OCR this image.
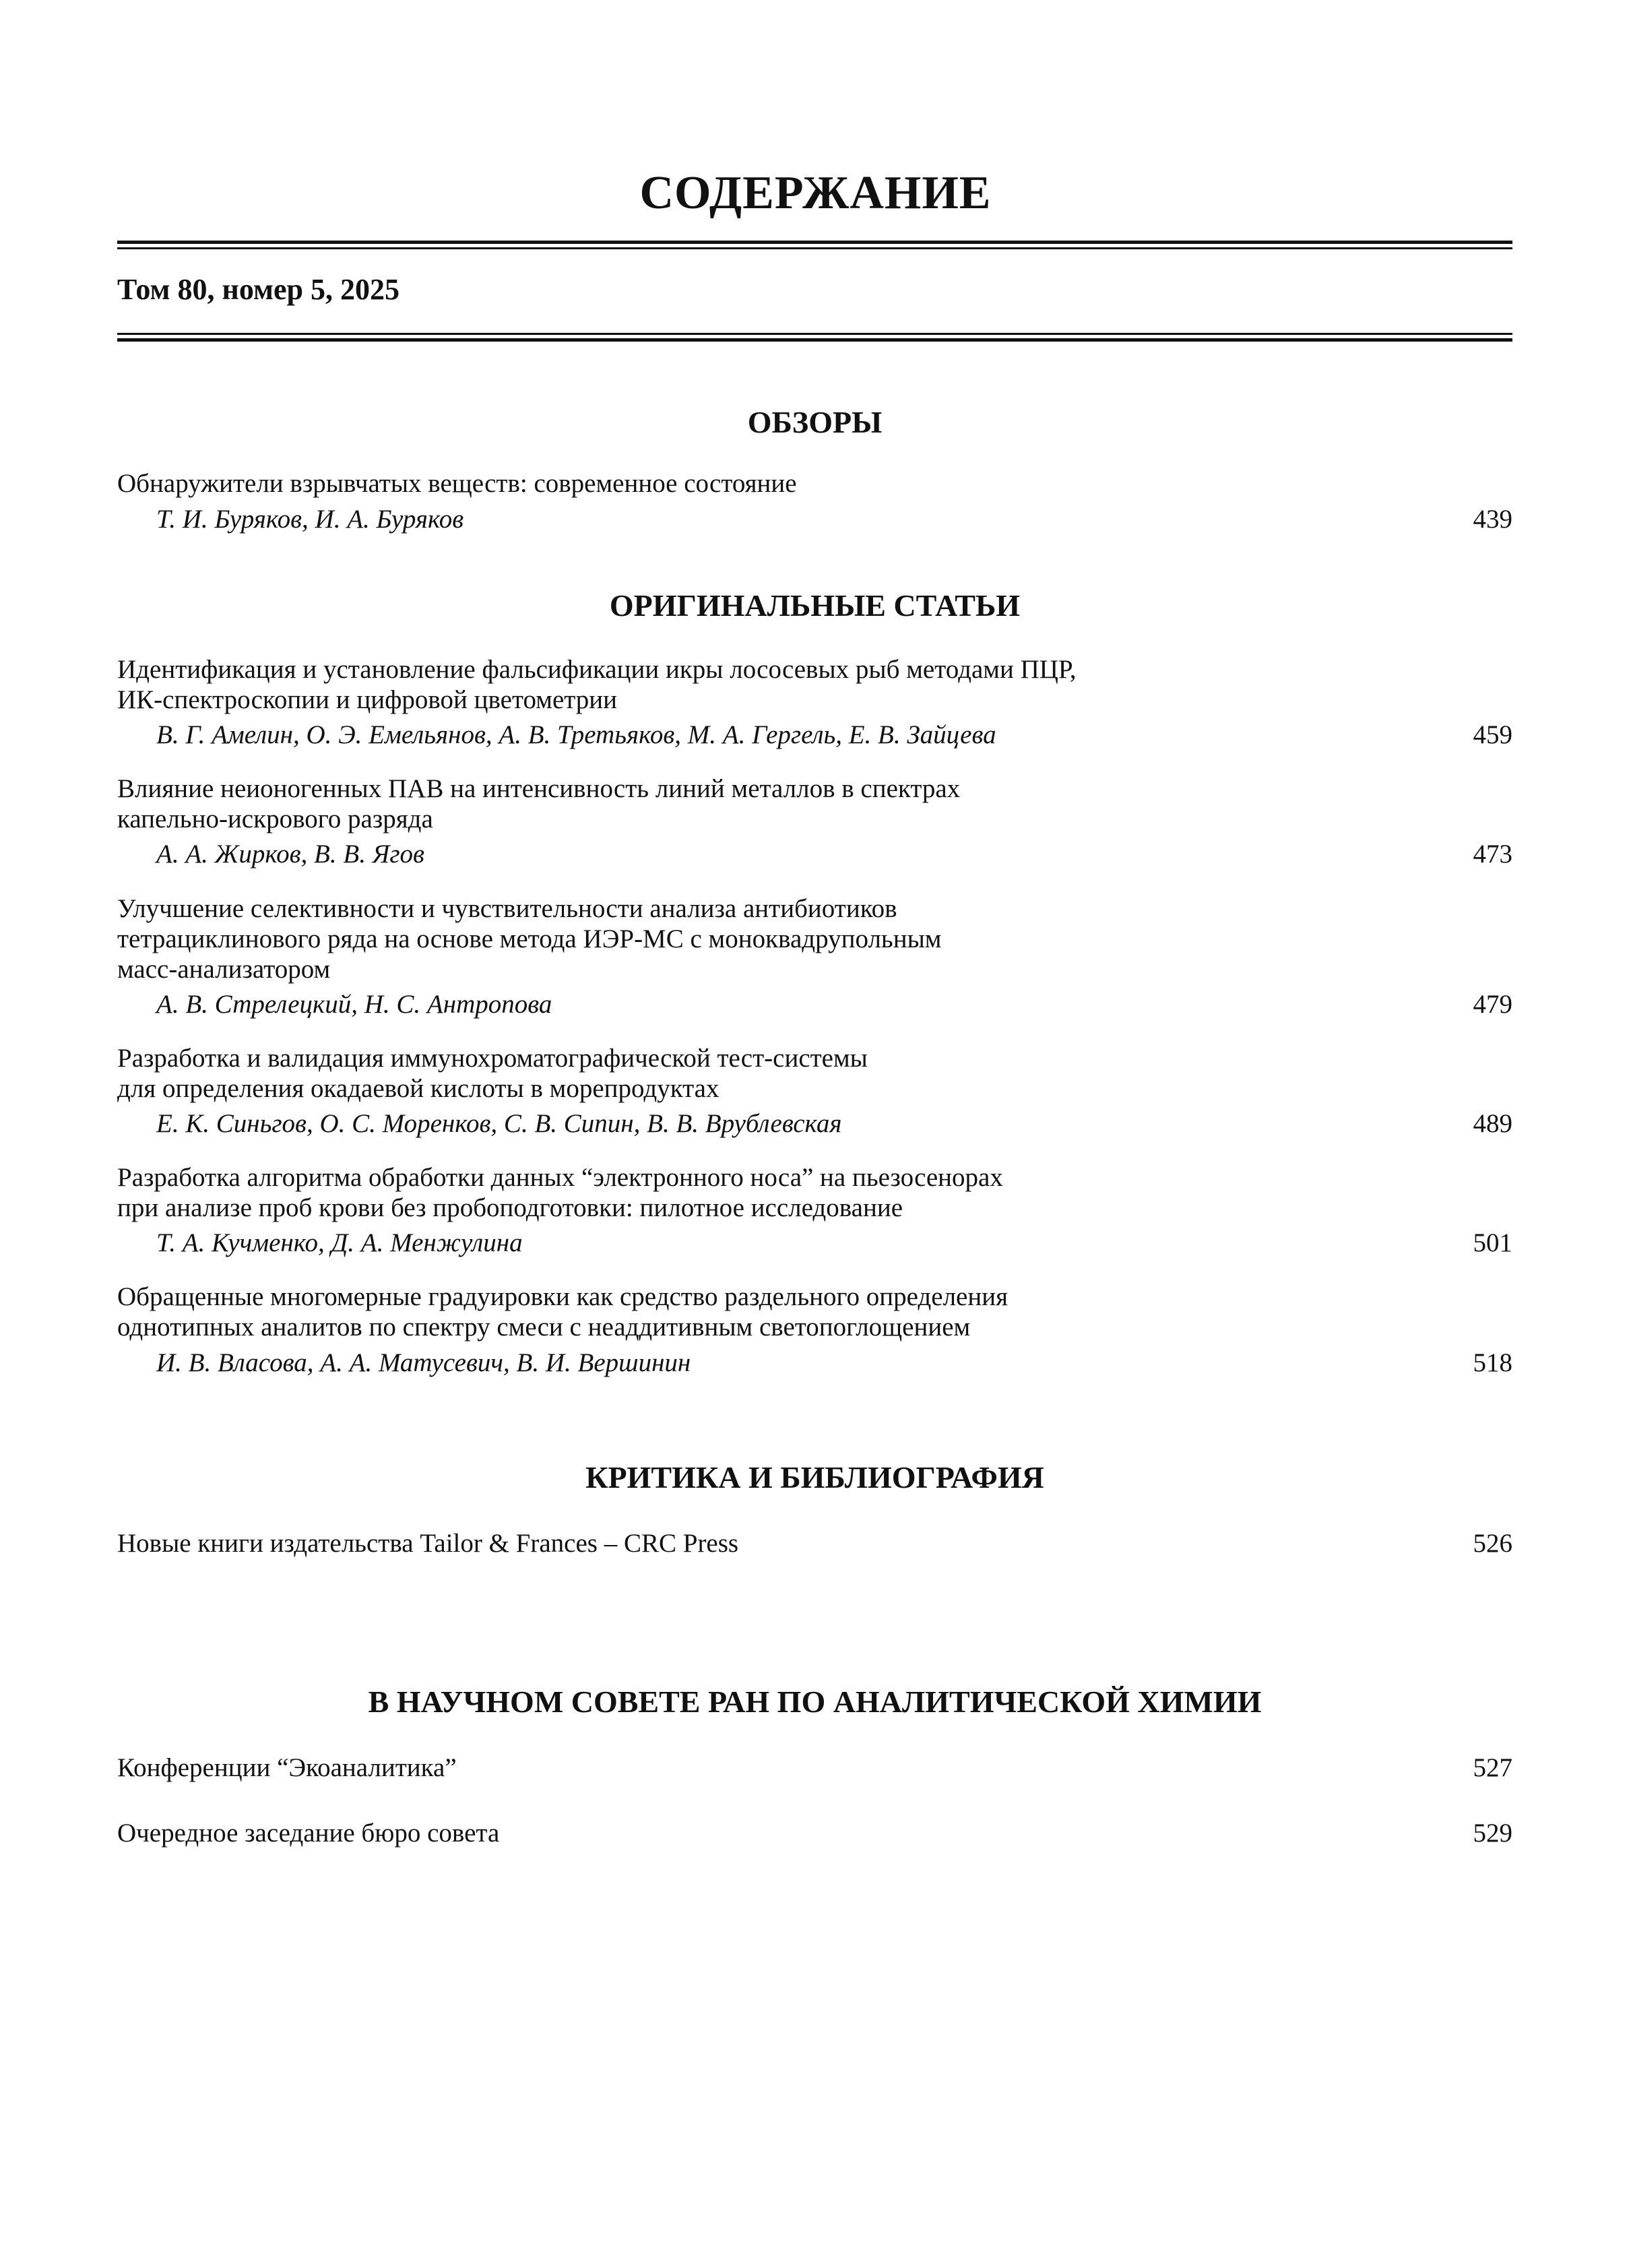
СОДЕРЖАНИЕ
Том 80, номер 5, 2025
ОБЗОРЫ
Обнаружители взрывчатых веществ: современное состояние
Т. И. Буряков, И. А. Буряков	439
ОРИГИНАЛЬНЫЕ СТАТЬИ
Идентификация и установление фальсификации икры лососевых рыб методами ПЦР,
ИК-спектроскопии и цифровой цветометрии
В. Г. Амелин, О. Э. Емельянов, А. В. Третьяков, М. А. Гергель, Е. В. Зайцева	459
Влияние неионогенных ПАВ на интенсивность линий металлов в спектрах
капельно-искрового разряда
А. А. Жирков, В. В. Ягов	473
Улучшение селективности и чувствительности анализа антибиотиков
тетрациклинового ряда на основе метода ИЭР-МС с моноквадрупольным
масс-анализатором
А. В. Стрелецкий, Н. С. Антропова	479
Разработка и валидация иммунохроматографической тест-системы
для определения окадаевой кислоты в морепродуктах
Е. К. Синьгов, О. С. Моренков, С. В. Сипин, В. В. Врублевская	489
Разработка алгоритма обработки данных “электронного носа” на пьезосенорах
при анализе проб крови без пробоподготовки: пилотное исследование
Т. А. Кучменко, Д. А. Менжулина	501
Обращенные многомерные градуировки как средство раздельного определения
однотипных аналитов по спектру смеси с неаддитивным светопоглощением
И. В. Власова, А. А. Матусевич, В. И. Вершинин	518
КРИТИКА И БИБЛИОГРАФИЯ
Новые книги издательства Tailor & Frances – CRC Press	526
В НАУЧНОМ СОВЕТЕ РАН ПО АНАЛИТИЧЕСКОЙ ХИМИИ
Конференции “Экоаналитика”	527
Очередное заседание бюро совета	529
